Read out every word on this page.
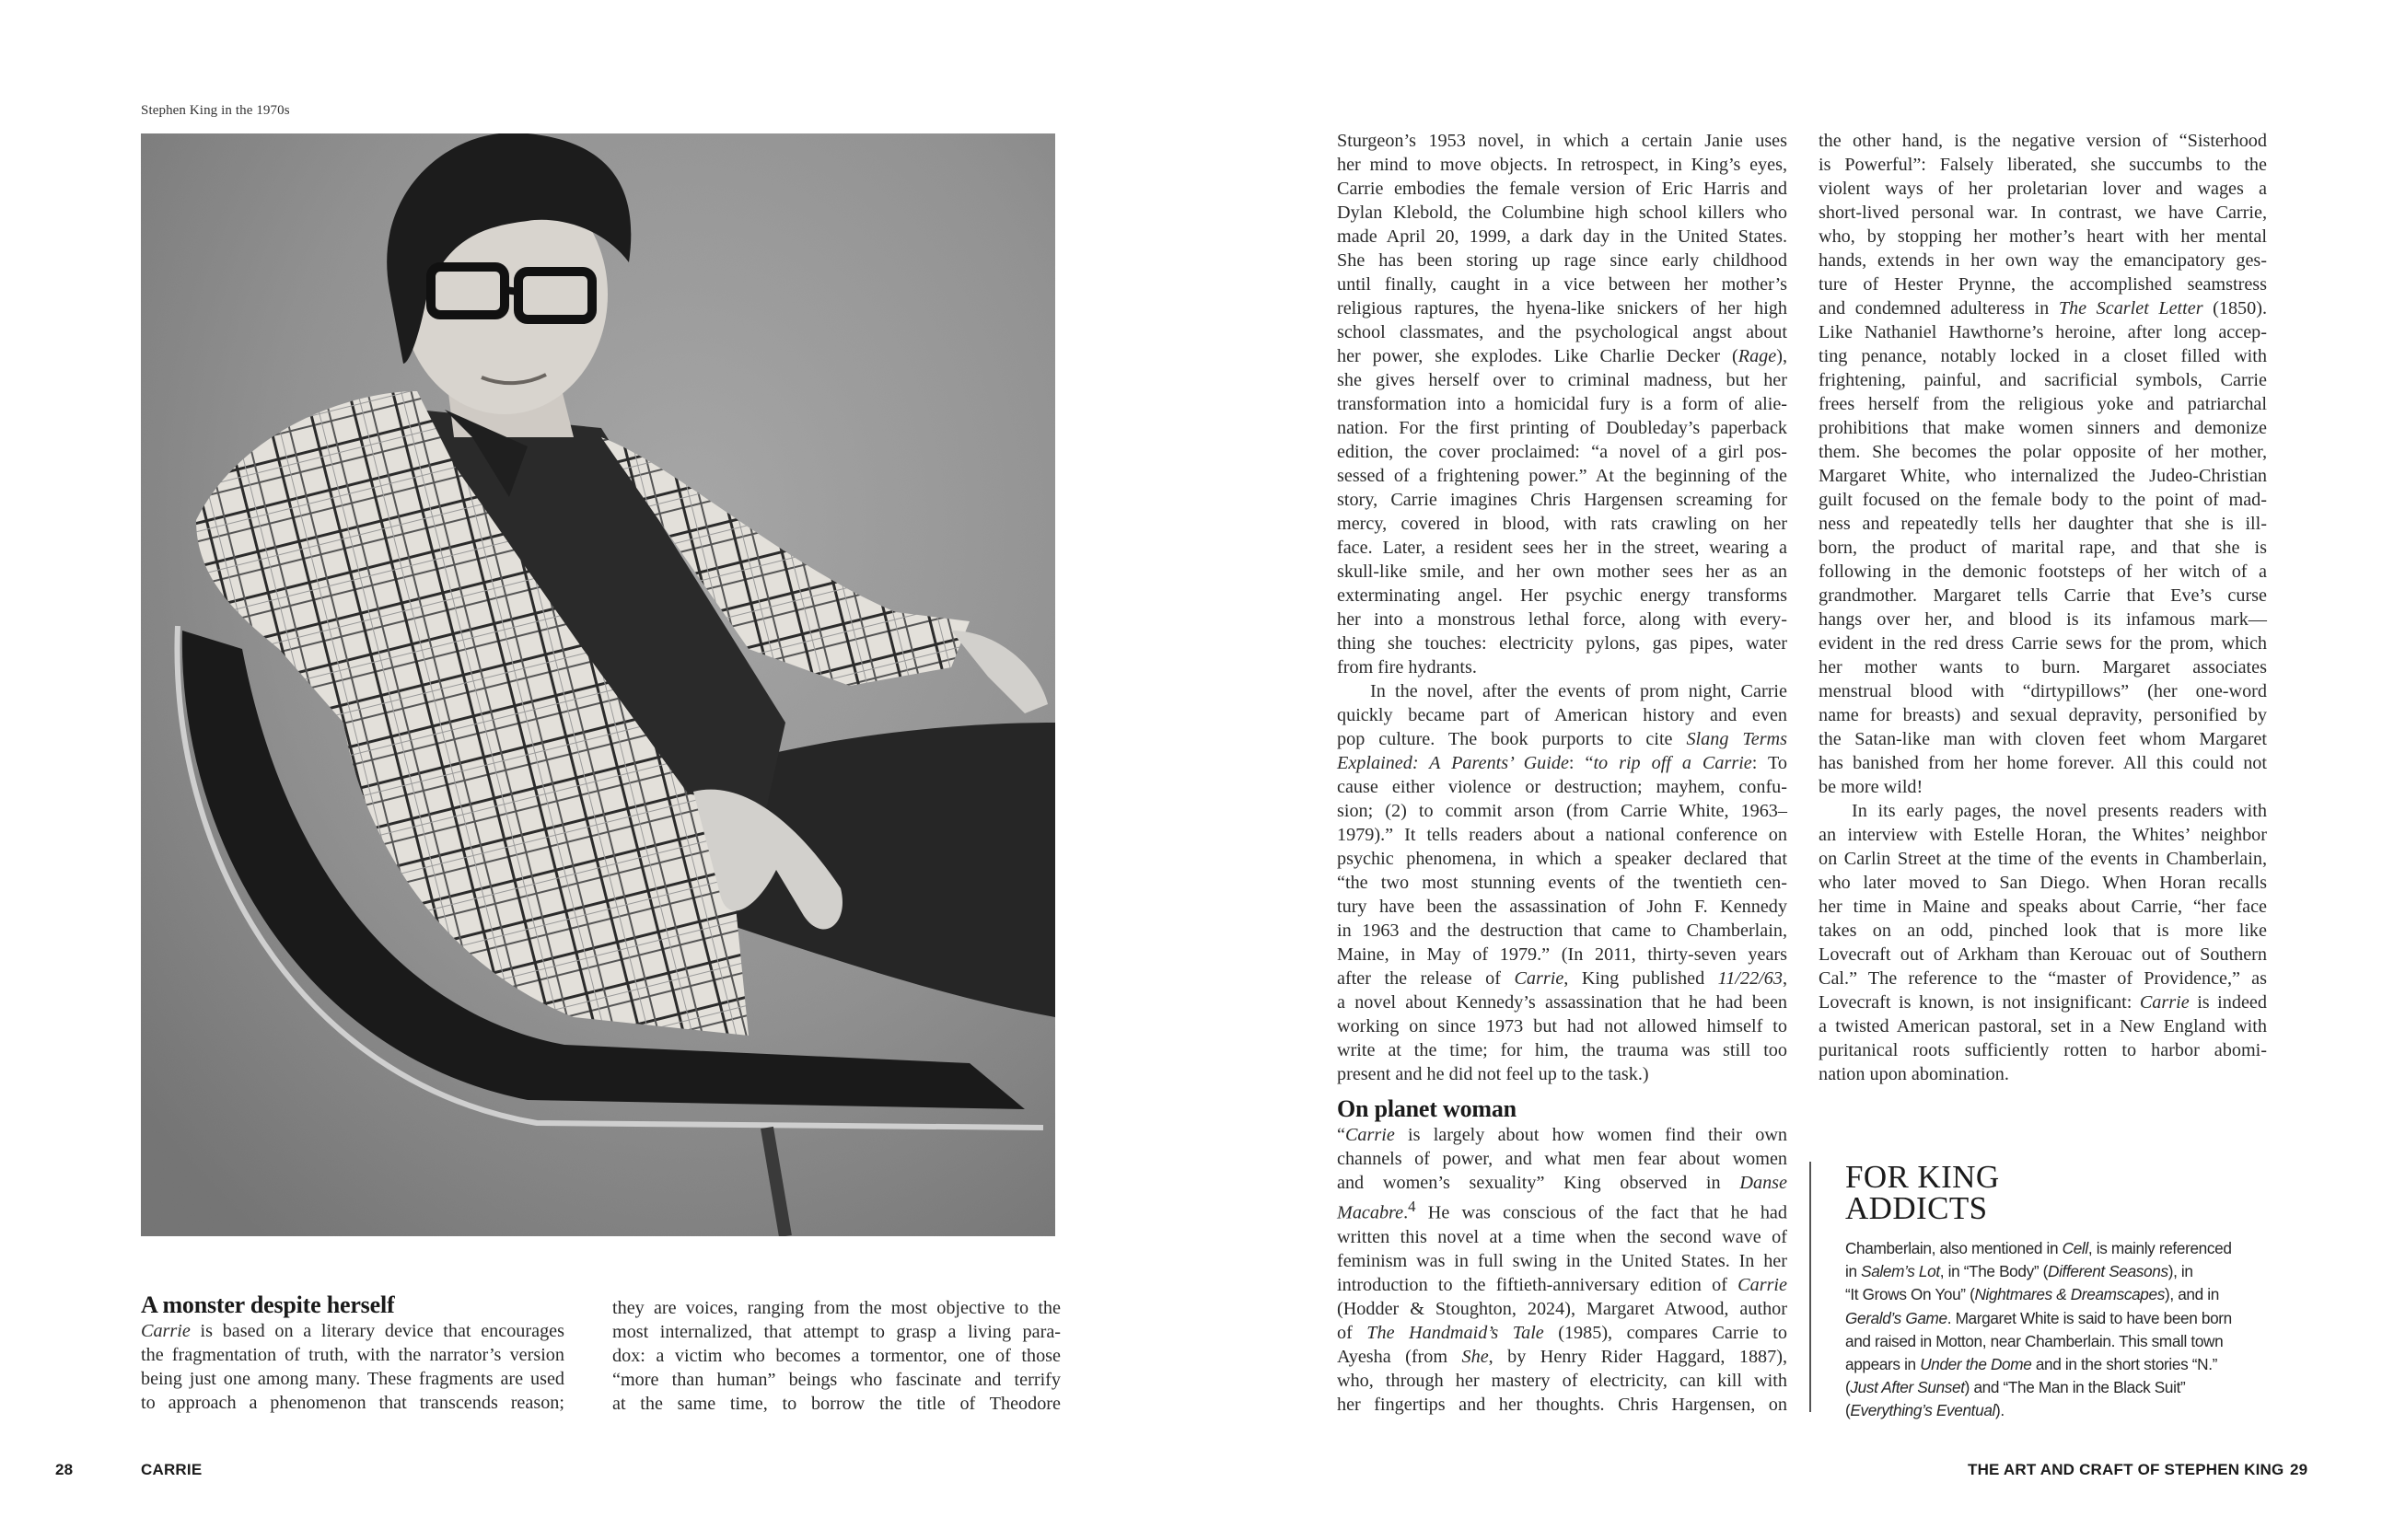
Stephen King in the 1970s
A monster despite herself
Carrie is based on a literary device that encourages
the fragmentation of truth, with the narrator’s version
being just one among many. These fragments are used
to approach a phenomenon that transcends reason;
they are voices, ranging from the most objective to the
most internalized, that attempt to grasp a living para-
dox: a victim who becomes a tormentor, one of those
“more than human” beings who fascinate and terrify
at the same time, to borrow the title of Theodore
28	CARRIE
Sturgeon’s 1953 novel, in which a certain Janie uses
her mind to move objects. In retrospect, in King’s eyes,
Carrie embodies the female version of Eric Harris and
Dylan Klebold, the Columbine high school killers who
made April 20, 1999, a dark day in the United States.
She has been storing up rage since early childhood
until finally, caught in a vice between her mother’s
religious raptures, the hyena-like snickers of her high
school classmates, and the psychological angst about
her power, she explodes. Like Charlie Decker (Rage),
she gives herself over to criminal madness, but her
transformation into a homicidal fury is a form of alie-
nation. For the first printing of Doubleday’s paperback
edition, the cover proclaimed: “a novel of a girl pos-
sessed of a frightening power.” At the beginning of the
story, Carrie imagines Chris Hargensen screaming for
mercy, covered in blood, with rats crawling on her
face. Later, a resident sees her in the street, wearing a
skull-like smile, and her own mother sees her as an
exterminating angel. Her psychic energy transforms
her into a monstrous lethal force, along with every-
thing she touches: electricity pylons, gas pipes, water
from fire hydrants.
In the novel, after the events of prom night, Carrie
quickly became part of American history and even
pop culture. The book purports to cite Slang Terms
Explained: A Parents’ Guide: “to rip off a Carrie: To
cause either violence or destruction; mayhem, confu-
sion; (2) to commit arson (from Carrie White, 1963–
1979).” It tells readers about a national conference on
psychic phenomena, in which a speaker declared that
“the two most stunning events of the twentieth cen-
tury have been the assassination of John F. Kennedy
in 1963 and the destruction that came to Chamberlain,
Maine, in May of 1979.” (In 2011, thirty-seven years
after the release of Carrie, King published 11/22/63,
a novel about Kennedy’s assassination that he had been
working on since 1973 but had not allowed himself to
write at the time; for him, the trauma was still too
present and he did not feel up to the task.)
On planet woman
“Carrie is largely about how women find their own
channels of power, and what men fear about women
and women’s sexuality” King observed in Danse
Macabre.$^4$ He was conscious of the fact that he had
written this novel at a time when the second wave of
feminism was in full swing in the United States. In her
introduction to the fiftieth-anniversary edition of Carrie
(Hodder & Stoughton, 2024), Margaret Atwood, author
of The Handmaid’s Tale (1985), compares Carrie to
Ayesha (from She, by Henry Rider Haggard, 1887),
who, through her mastery of electricity, can kill with
her fingertips and her thoughts. Chris Hargensen, on
the other hand, is the negative version of “Sisterhood
is Powerful”: Falsely liberated, she succumbs to the
violent ways of her proletarian lover and wages a
short-lived personal war. In contrast, we have Carrie,
who, by stopping her mother’s heart with her mental
hands, extends in her own way the emancipatory ges-
ture of Hester Prynne, the accomplished seamstress
and condemned adulteress in The Scarlet Letter (1850).
Like Nathaniel Hawthorne’s heroine, after long accep-
ting penance, notably locked in a closet filled with
frightening, painful, and sacrificial symbols, Carrie
frees herself from the religious yoke and patriarchal
prohibitions that make women sinners and demonize
them. She becomes the polar opposite of her mother,
Margaret White, who internalized the Judeo-Christian
guilt focused on the female body to the point of mad-
ness and repeatedly tells her daughter that she is ill-
born, the product of marital rape, and that she is
following in the demonic footsteps of her witch of a
grandmother. Margaret tells Carrie that Eve’s curse
hangs over her, and blood is its infamous mark—
evident in the red dress Carrie sews for the prom, which
her mother wants to burn. Margaret associates
menstrual blood with “dirtypillows” (her one-word
name for breasts) and sexual depravity, personified by
the Satan-like man with cloven feet whom Margaret
has banished from her home forever. All this could not
be more wild!
In its early pages, the novel presents readers with
an interview with Estelle Horan, the Whites’ neighbor
on Carlin Street at the time of the events in Chamberlain,
who later moved to San Diego. When Horan recalls
her time in Maine and speaks about Carrie, “her face
takes on an odd, pinched look that is more like
Lovecraft out of Arkham than Kerouac out of Southern
Cal.” The reference to the “master of Providence,” as
Lovecraft is known, is not insignificant: Carrie is indeed
a twisted American pastoral, set in a New England with
puritanical roots sufficiently rotten to harbor abomi-
nation upon abomination.
FOR KING
ADDICTS
Chamberlain, also mentioned in Cell, is mainly referenced
in Salem’s Lot, in “The Body” (Different Seasons), in
“It Grows On You” (Nightmares & Dreamscapes), and in
Gerald’s Game. Margaret White is said to have been born
and raised in Motton, near Chamberlain. This small town
appears in Under the Dome and in the short stories “N.”
(Just After Sunset) and “The Man in the Black Suit”
(Everything’s Eventual).
THE ART AND CRAFT OF STEPHEN KING 29
